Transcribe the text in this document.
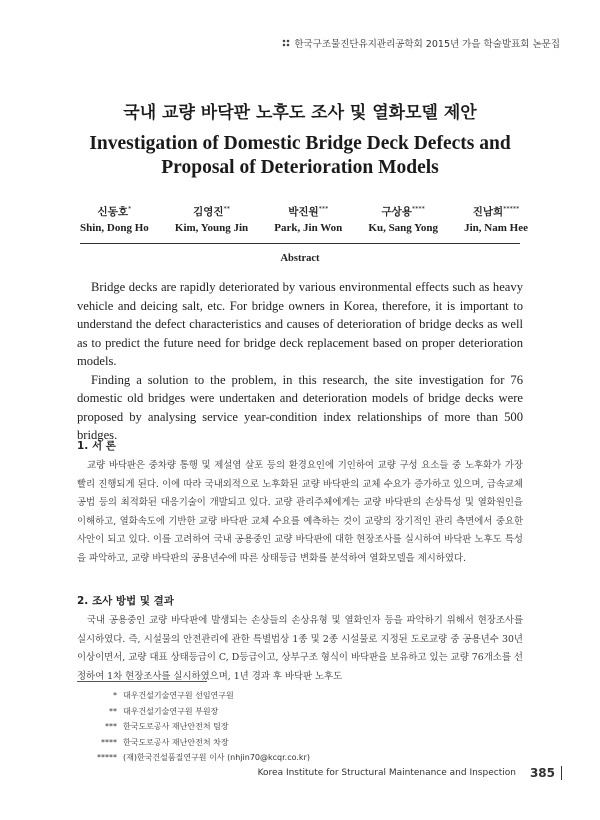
한국구조물진단유지관리공학회 2015년 가을 학술발표회 논문집
국내 교량 바닥판 노후도 조사 및 열화모델 제안
Investigation of Domestic Bridge Deck Defects and Proposal of Deterioration Models
신동호*
Shin, Dong Ho
김영진**
Kim, Young Jin
박진원***
Park, Jin Won
구상용****
Ku, Sang Yong
진남희*****
Jin, Nam Hee
Abstract

Bridge decks are rapidly deteriorated by various environmental effects such as heavy vehicle and deicing salt, etc. For bridge owners in Korea, therefore, it is important to understand the defect characteristics and causes of deterioration of bridge decks as well as to predict the future need for bridge deck replacement based on proper deterioration models.

Finding a solution to the problem, in this research, the site investigation for 76 domestic old bridges were undertaken and deterioration models of bridge decks were proposed by analysing service year-condition index relationships of more than 500 bridges.

1. 서 론

교량 바닥판은 중차량 통행 및 제설염 살포 등의 환경요인에 기인하여 교량 구성 요소들 중 노후화가 가장 빨리 진행되게 된다. 이에 따라 국내외적으로 노후화된 교량 바닥판의 교체 수요가 증가하고 있으며, 급속교체 공법 등의 최적화된 대응기술이 개발되고 있다. 교량 관리주체에게는 교량 바닥판의 손상특성 및 열화원인을 이해하고, 열화속도에 기반한 교량 바닥판 교체 수요를 예측하는 것이 교량의 장기적인 관리 측면에서 중요한 사안이 되고 있다. 이를 고려하여 국내 공용중인 교량 바닥판에 대한 현장조사를 실시하여 바닥판 노후도 특성을 파악하고, 교량 바닥판의 공용년수에 따른 상태등급 변화를 분석하여 열화모델을 제시하였다.

2. 조사 방법 및 결과

국내 공용중인 교량 바닥판에 발생되는 손상들의 손상유형 및 열화인자 등을 파악하기 위해서 현장조사를 실시하였다. 즉, 시설물의 안전관리에 관한 특별법상 1종 및 2종 시설물로 지정된 도로교량 중 공용년수 30년 이상이면서, 교량 대표 상태등급이 C, D등급이고, 상부구조 형식이 바닥판을 보유하고 있는 교량 76개소를 선정하여 1차 현장조사를 실시하였으며, 1년 경과 후 바닥판 노후도

* 대우건설기술연구원 선임연구원
** 대우건설기술연구원 부원장
*** 한국도로공사 재난안전처 팀장
**** 한국도로공사 재난안전처 차장
***** (재)한국건설품질연구원 이사 (nhjin70@kcqr.co.kr)
Korea Institute for Structural Maintenance and Inspection 385
